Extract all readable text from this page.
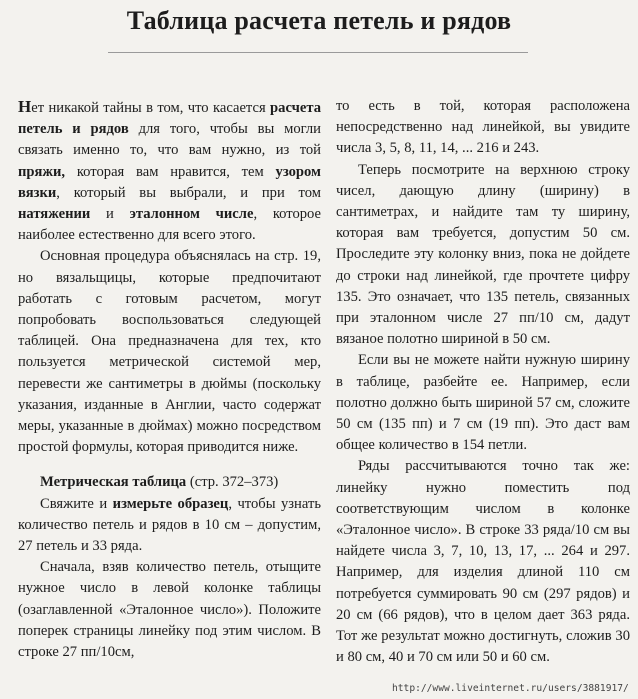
Таблица расчета петель и рядов

Нет никакой тайны в том, что касается расчета петель и рядов для того, чтобы вы могли связать именно то, что вам нужно, из той пряжи, которая вам нравится, тем узором вязки, который вы выбрали, и при том натяжении и эталонном числе, которое наиболее естественно для всего этого.

Основная процедура объяснялась на стр. 19, но вязальщицы, которые предпочитают работать с готовым расчетом, могут попробовать воспользоваться следующей таблицей. Она предназначена для тех, кто пользуется метрической системой мер, перевести же сантиметры в дюймы (поскольку указания, изданные в Англии, часто содержат меры, указанные в дюймах) можно посредством простой формулы, которая приводится ниже.

Метрическая таблица (стр. 372–373)

Свяжите и измерьте образец, чтобы узнать количество петель и рядов в 10 см – допустим, 27 петель и 33 ряда.

Сначала, взяв количество петель, отыщите нужное число в левой колонке таблицы (озаглавленной «Эталонное число»). Положите поперек страницы линейку под этим числом. В строке 27 пп/10см,

то есть в той, которая расположена непосредственно над линейкой, вы увидите числа 3, 5, 8, 11, 14, ... 216 и 243.

Теперь посмотрите на верхнюю строку чисел, дающую длину (ширину) в сантиметрах, и найдите там ту ширину, которая вам требуется, допустим 50 см. Проследите эту колонку вниз, пока не дойдете до строки над линейкой, где прочтете цифру 135. Это означает, что 135 петель, связанных при эталонном числе 27 пп/10 см, дадут вязаное полотно шириной в 50 см.

Если вы не можете найти нужную ширину в таблице, разбейте ее. Например, если полотно должно быть шириной 57 см, сложите 50 см (135 пп) и 7 см (19 пп). Это даст вам общее количество в 154 петли.

Ряды рассчитываются точно так же: линейку нужно поместить под соответствующим числом в колонке «Эталонное число». В строке 33 ряда/10 см вы найдете числа 3, 7, 10, 13, 17, ... 264 и 297. Например, для изделия длиной 110 см потребуется суммировать 90 см (297 рядов) и 20 см (66 рядов), что в целом дает 363 ряда. Тот же результат можно достигнуть, сложив 30 и 80 см, 40 и 70 см или 50 и 60 см.

http://www.liveinternet.ru/users/3881917/
